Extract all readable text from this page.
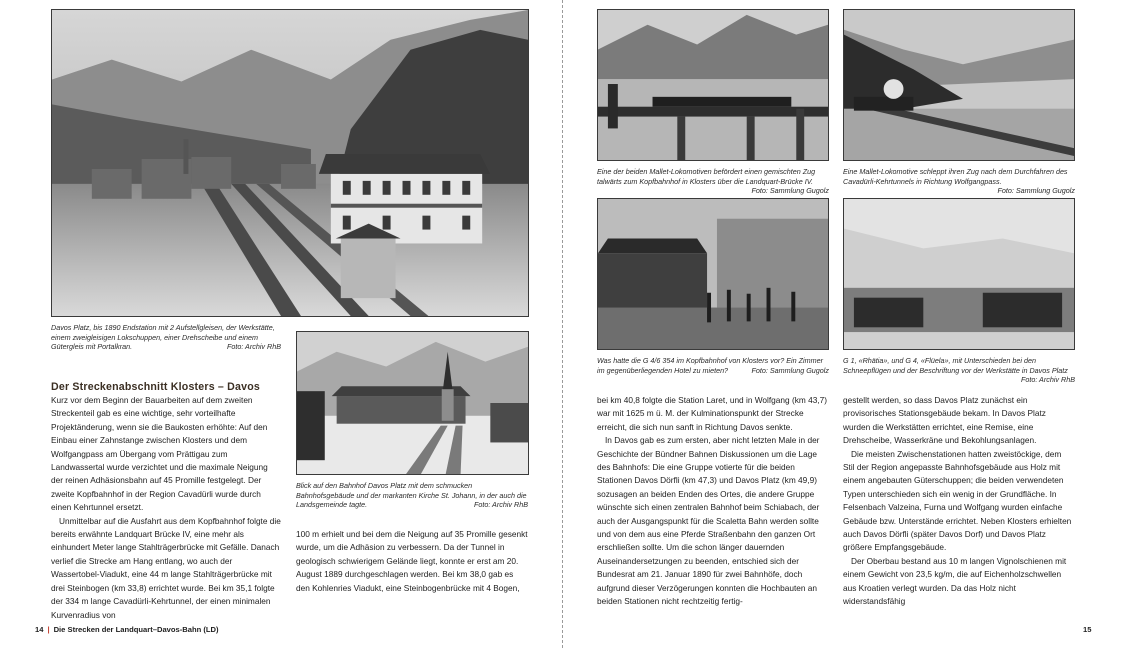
Davos Platz, bis 1890 Endstation mit 2 Aufstellgleisen, der Werkstätte, einem zweigleisigen Lokschuppen, einer Drehscheibe und einem Gütergleis mit Portalkran.	Foto: Archiv RhB

Blick auf den Bahnhof Davos Platz mit dem schmucken Bahnhofsgebäude und der markanten Kirche St. Johann, in der auch die Landsgemeinde tagte.	Foto: Archiv RhB

Der Streckenabschnitt Klosters – Davos

Kurz vor dem Beginn der Bauarbeiten auf dem zweiten Streckenteil gab es eine wichtige, sehr vorteilhafte Projektänderung, wenn sie die Baukosten erhöhte: Auf den Einbau einer Zahnstange zwischen Klosters und dem Wolfgangpass am Übergang vom Prättigau zum Landwassertal wurde verzichtet und die maximale Neigung der reinen Adhäsionsbahn auf 45 Promille festgelegt. Der zweite Kopfbahnhof in der Region Cavadürli wurde durch einen Kehrtunnel ersetzt.

Unmittelbar auf die Ausfahrt aus dem Kopfbahnhof folgte die bereits erwähnte Landquart Brücke IV, eine mehr als einhundert Meter lange Stahlträgerbrücke mit Gefälle. Danach verlief die Strecke am Hang entlang, wo auch der Wassertobel-Viadukt, eine 44 m lange Stahlträgerbrücke mit drei Steinbogen (km 33,8) errichtet wurde. Bei km 35,1 folgte der 334 m lange Cavadürli-Kehrtunnel, der einen minimalen Kurvenradius von

100 m erhielt und bei dem die Neigung auf 35 Promille gesenkt wurde, um die Adhäsion zu verbessern. Da der Tunnel in geologisch schwierigem Gelände liegt, konnte er erst am 20. August 1889 durchgeschlagen werden. Bei km 38,0 gab es den Kohlenries Viadukt, eine Steinbogenbrücke mit 4 Bogen,

14 | Die Strecken der Landquart–Davos-Bahn (LD)

Eine der beiden Mallet-Lokomotiven befördert einen gemischten Zug talwärts zum Kopfbahnhof in Klosters über die Landquart-Brücke IV.
Foto: Sammlung Gugolz

Eine Mallet-Lokomotive schleppt ihren Zug nach dem Durchfahren des Cavadürli-Kehrtunnels in Richtung Wolfgangpass.
Foto: Sammlung Gugolz

Was hatte die G 4/6 354 im Kopfbahnhof von Klosters vor? Ein Zimmer im gegenüberliegenden Hotel zu mieten?	Foto: Sammlung Gugolz

G 1, «Rhätia», und G 4, «Flüela», mit Unterschieden bei den Schneepflügen und der Beschriftung vor der Werkstätte in Davos Platz
Foto: Archiv RhB

bei km 40,8 folgte die Station Laret, und in Wolfgang (km 43,7) war mit 1625 m ü. M. der Kulminationspunkt der Strecke erreicht, die sich nun sanft in Richtung Davos senkte.

In Davos gab es zum ersten, aber nicht letzten Male in der Geschichte der Bündner Bahnen Diskussionen um die Lage des Bahnhofs: Die eine Gruppe votierte für die beiden Stationen Davos Dörfli (km 47,3) und Davos Platz (km 49,9) sozusagen an beiden Enden des Ortes, die andere Gruppe wünschte sich einen zentralen Bahnhof beim Schiabach, der auch der Ausgangspunkt für die Scaletta Bahn werden sollte und von dem aus eine Pferde Straßenbahn den ganzen Ort erschließen sollte. Um die schon länger dauernden Auseinandersetzungen zu beenden, entschied sich der Bundesrat am 21. Januar 1890 für zwei Bahnhöfe, doch aufgrund dieser Verzögerungen konnten die Hochbauten an beiden Stationen nicht rechtzeitig fertig-

gestellt werden, so dass Davos Platz zunächst ein provisorisches Stationsgebäude bekam. In Davos Platz wurden die Werkstätten errichtet, eine Remise, eine Drehscheibe, Wasserkräne und Bekohlungsanlagen.

Die meisten Zwischenstationen hatten zweistöckige, dem Stil der Region angepasste Bahnhofsgebäude aus Holz mit einem angebauten Güterschuppen; die beiden verwendeten Typen unterschieden sich ein wenig in der Grundfläche. In Felsenbach Valzeina, Furna und Wolfgang wurden einfache Gebäude bzw. Unterstände errichtet. Neben Klosters erhielten auch Davos Dörfli (später Davos Dorf) und Davos Platz größere Empfangsgebäude.

Der Oberbau bestand aus 10 m langen Vignolschienen mit einem Gewicht von 23,5 kg/m, die auf Eichenholzschwellen aus Kroatien verlegt wurden. Da das Holz nicht widerstandsfähig

15
